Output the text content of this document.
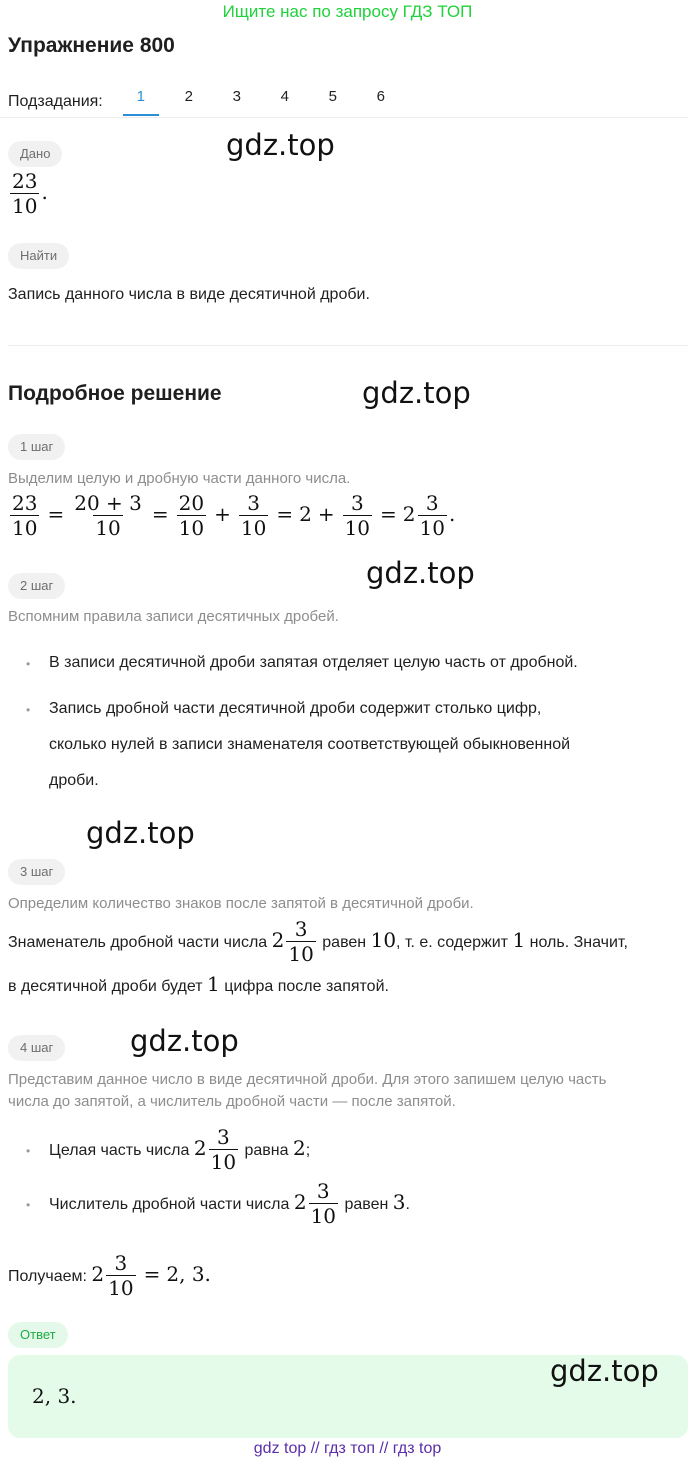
Ищите нас по запросу ГДЗ ТОП
Упражнение 800
Подзадания:	1	2	3	4	5	6
Дано	gdz.top
$\frac{23}{10}$ .
Найти
Запись данного числа в виде десятичной дроби.
Подробное решение	gdz.top
1 шаг
Выделим целую и дробную части данного числа.
$\frac{23}{10} = \frac{20 + 3}{10} = \frac{20}{10} + \frac{3}{10} = 2 + \frac{3}{10} = 2 \frac{3}{10}$ .
2 шаг	gdz.top
Вспомним правила записи десятичных дробей.
• В записи десятичной дроби запятая отделяет целую часть от дробной.
• Запись дробной части десятичной дроби содержит столько цифр,
сколько нулей в записи знаменателя соответствующей обыкновенной
дроби.
gdz.top
3 шаг
Определим количество знаков после запятой в десятичной дроби.
Знаменатель дробной части числа $2 \frac{3}{10}$ равен 10, т. е. содержит 1 ноль. Значит,
в десятичной дроби будет 1 цифра после запятой.
4 шаг	gdz.top
Представим данное число в виде десятичной дроби. Для этого запишем целую часть
числа до запятой, а числитель дробной части — после запятой.
• Целая часть числа $2 \frac{3}{10}$ равна 2;
• Числитель дробной части числа $2 \frac{3}{10}$ равен 3.
Получаем: $2 \frac{3}{10} = 2$, 3.
Ответ
2, 3.
gdz.top
gdz top // гдз топ // гдз top
